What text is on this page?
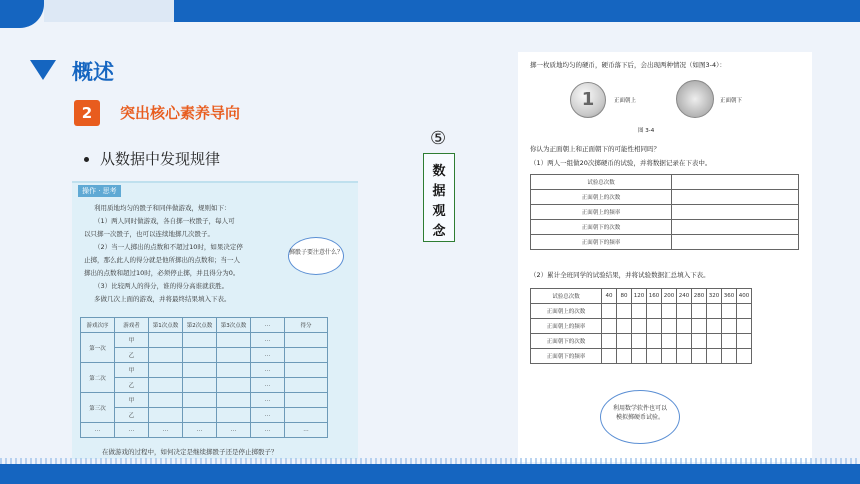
概述
2	突出核心素养导向
从数据中发现规律
⑤
数
据
观
念
操作 · 思考
利用质地均匀的骰子和同伴做游戏，规则如下：
（1）两人同时做游戏，各自掷一枚骰子，每人可
以只掷一次骰子，也可以连续地掷几次骰子。
（2）当一人掷出的点数和不超过10时，如果决定停
止掷，那么此人的得分就是他所掷出的点数和；当一人
掷出的点数和超过10时，必须停止掷，并且得分为0。
（3）比较两人的得分，谁的得分高谁就获胜。
多做几次上面的游戏，并将最终结果填入下表。
掷骰子要注意什么？
游戏次序	游戏者	第1次点数	第2次点数	第3次点数	…	得分
第一次	甲				…	
	乙				…	
第二次	甲				…	
	乙				…	
第三次	甲				…	
	乙				…	
…	…	…	…	…	…	…
在做游戏的过程中，如何决定是继续掷骰子还是停止掷骰子？
掷一枚质地均匀的硬币，硬币落下后，会出现两种情况（如图3-4）：
1	正面朝上	正面朝下
图 3-4
你认为正面朝上和正面朝下的可能性相同吗？
（1）两人一组做20次掷硬币的试验，并将数据记录在下表中。
试验总次数	
正面朝上的次数	
正面朝上的频率	
正面朝下的次数	
正面朝下的频率	
（2）累计全班同学的试验结果，并将试验数据汇总填入下表。
试验总次数	40	80	120	160	200	240	280	320	360	400
正面朝上的次数										
正面朝上的频率										
正面朝下的次数										
正面朝下的频率										
利用数学软件也可以模拟掷硬币试验。
